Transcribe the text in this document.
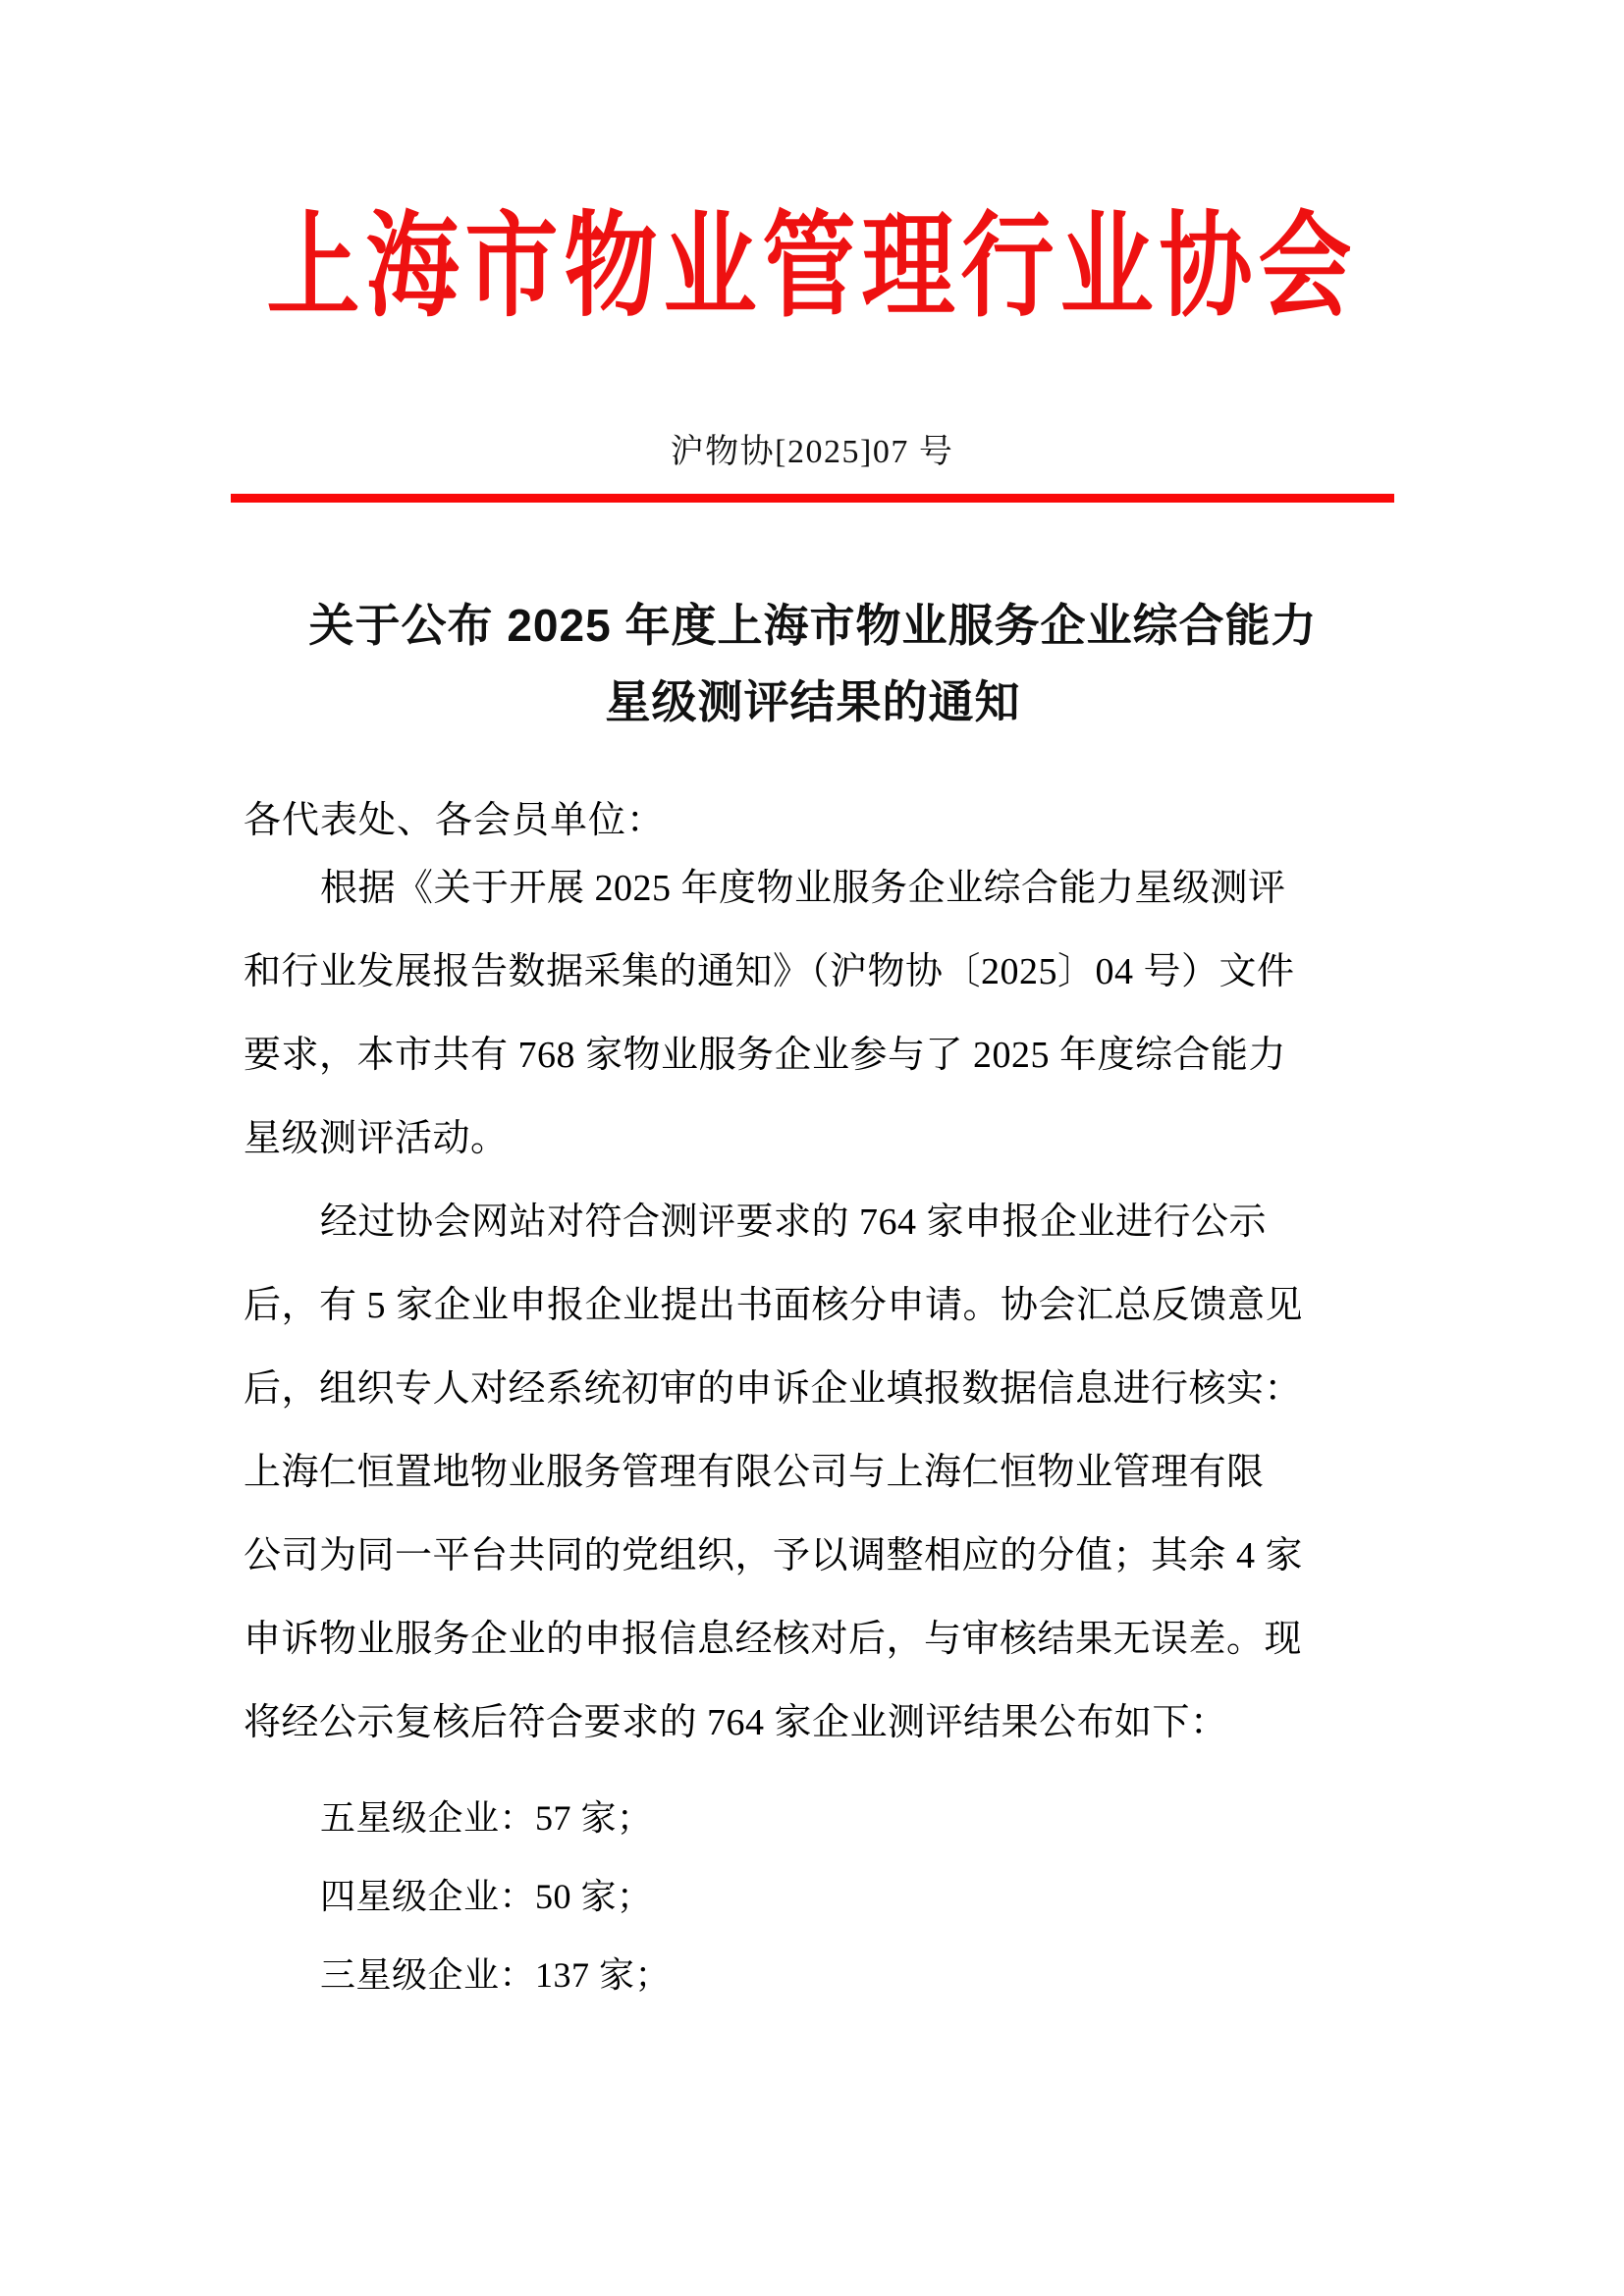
上海市物业管理行业协会
沪物协[2025]07 号
关于公布 2025 年度上海市物业服务企业综合能力
星级测评结果的通知

各代表处、各会员单位：

根据《关于开展 2025 年度物业服务企业综合能力星级测评
和行业发展报告数据采集的通知》（沪物协〔2025〕04 号）文件
要求，本市共有 768 家物业服务企业参与了 2025 年度综合能力
星级测评活动。

经过协会网站对符合测评要求的 764 家申报企业进行公示
后，有 5 家企业申报企业提出书面核分申请。协会汇总反馈意见
后，组织专人对经系统初审的申诉企业填报数据信息进行核实：
上海仁恒置地物业服务管理有限公司与上海仁恒物业管理有限
公司为同一平台共同的党组织，予以调整相应的分值；其余 4 家
申诉物业服务企业的申报信息经核对后，与审核结果无误差。现
将经公示复核后符合要求的 764 家企业测评结果公布如下：

五星级企业：57 家；
四星级企业：50 家；
三星级企业：137 家；
